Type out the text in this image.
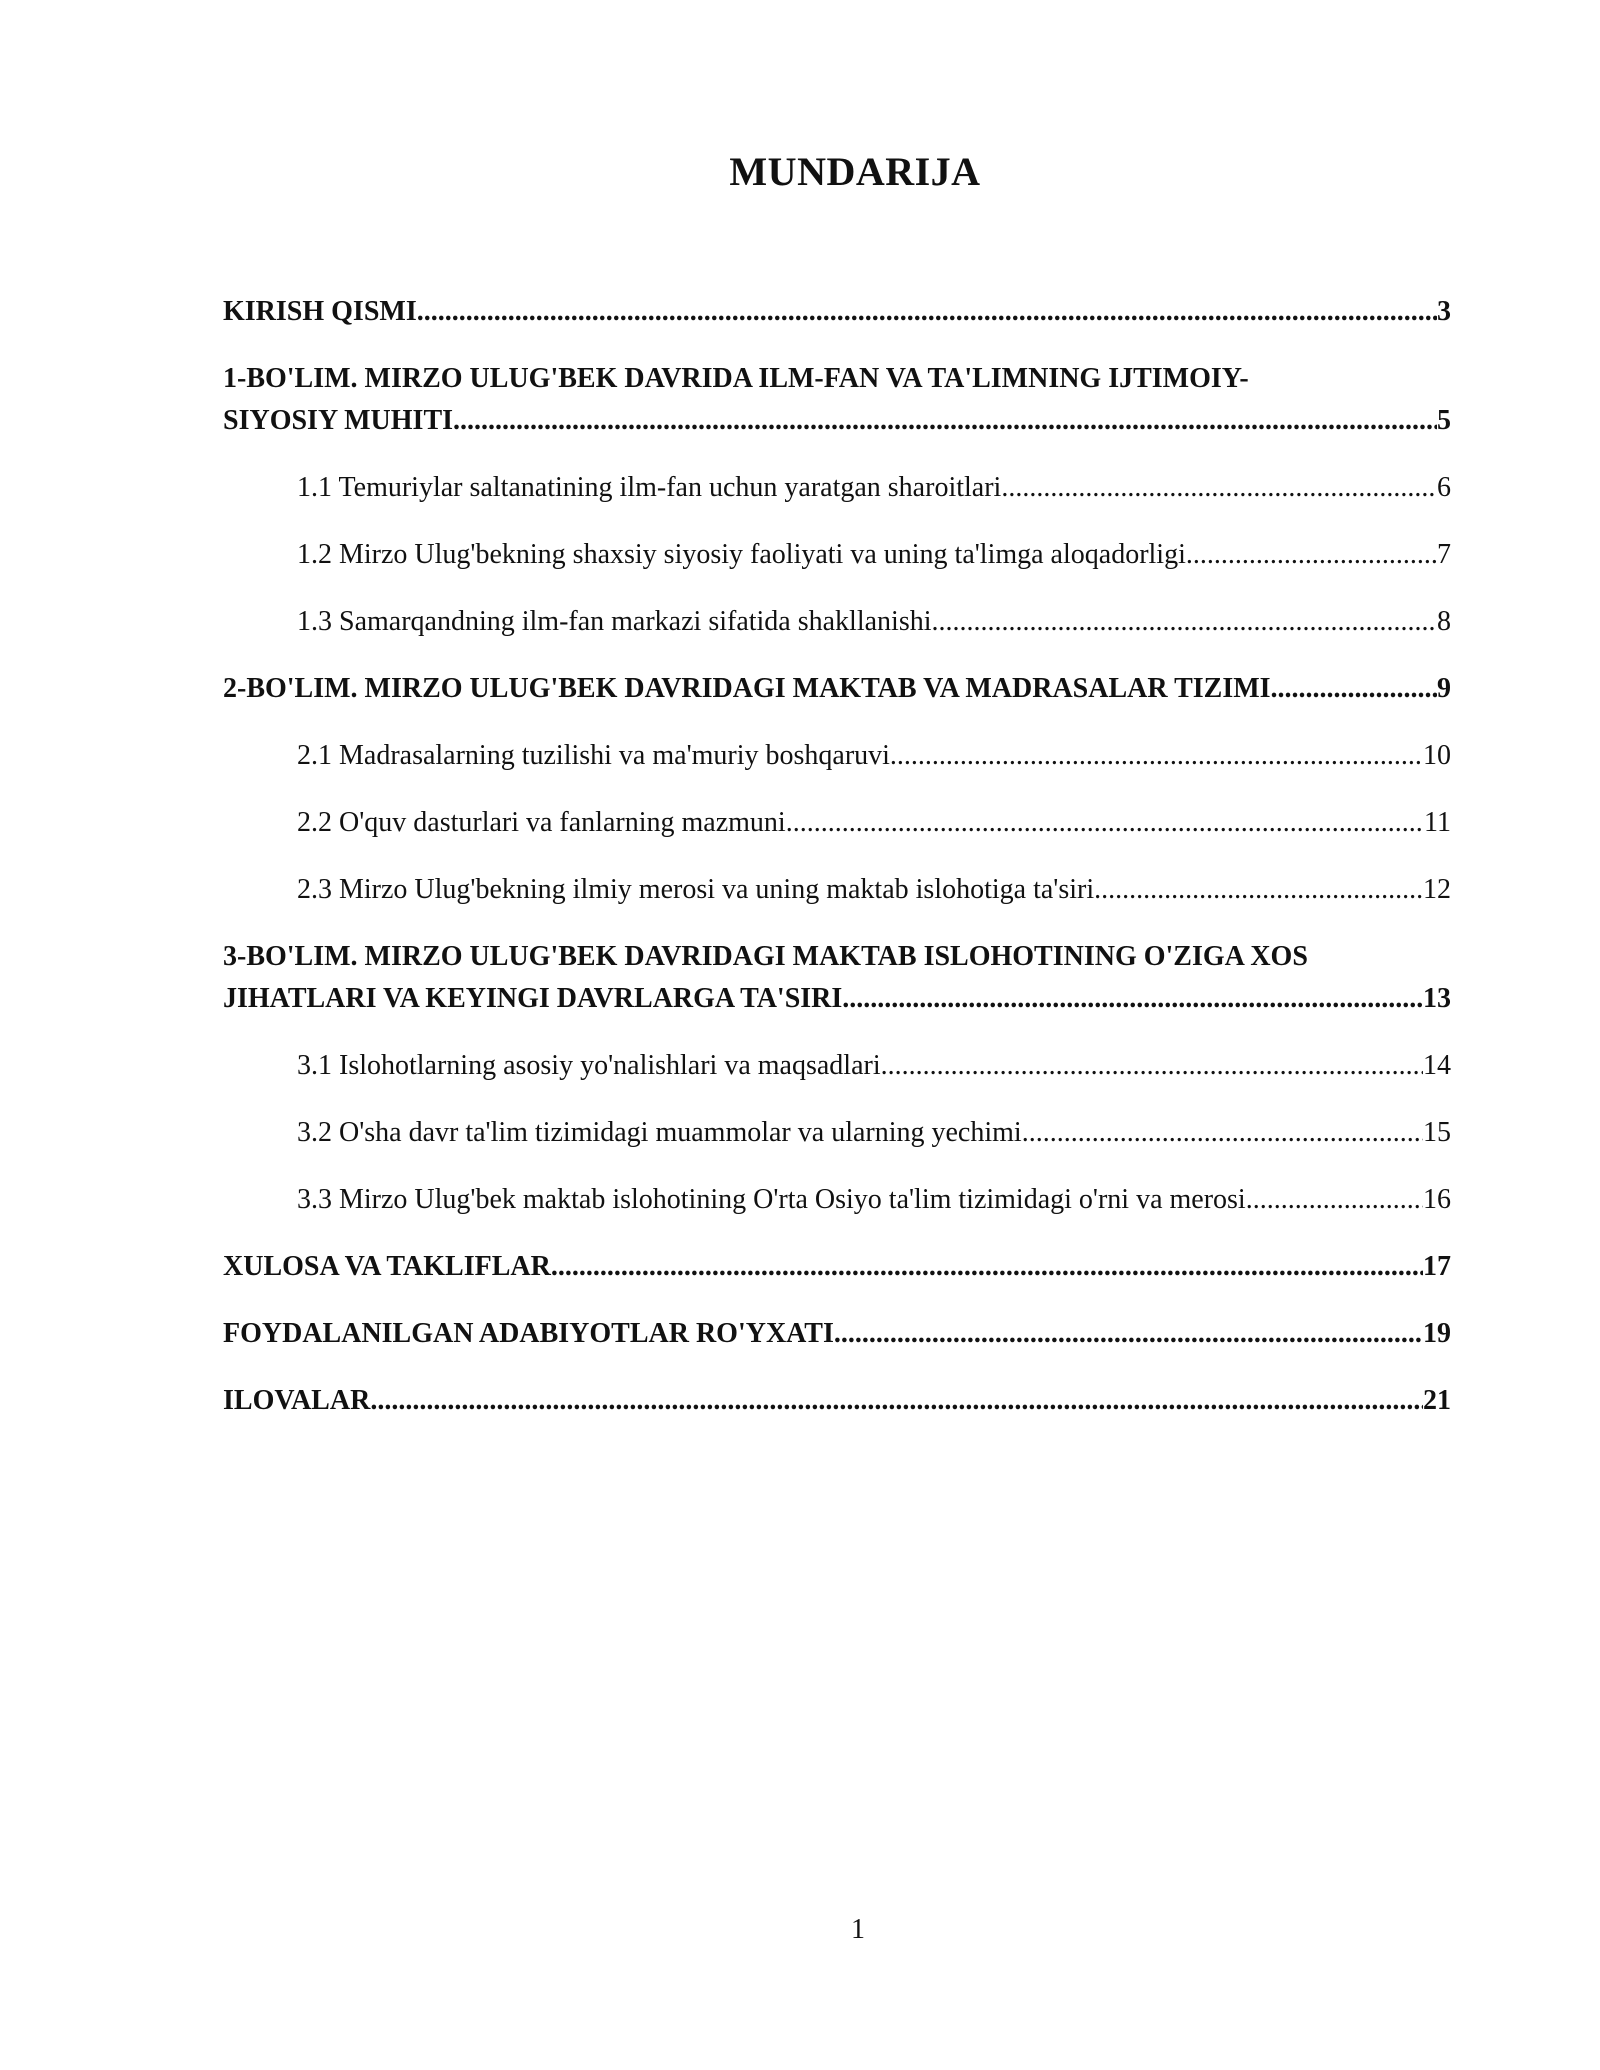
MUNDARIJA
KIRISH QISMI .....	3
1-BO'LIM. MIRZO ULUG'BEK DAVRIDA ILM-FAN VA TA'LIMNING IJTIMOIY-
SIYOSIY MUHITI .....	5
1.1 Temuriylar saltanatining ilm-fan uchun yaratgan sharoitlari .....	6
1.2 Mirzo Ulug'bekning shaxsiy siyosiy faoliyati va uning ta'limga aloqadorligi .....	7
1.3 Samarqandning ilm-fan markazi sifatida shakllanishi .....	8
2-BO'LIM. MIRZO ULUG'BEK DAVRIDAGI MAKTAB VA MADRASALAR TIZIMI. .....	9
2.1 Madrasalarning tuzilishi va ma'muriy boshqaruvi .....	10
2.2 O'quv dasturlari va fanlarning mazmuni .....	11
2.3 Mirzo Ulug'bekning ilmiy merosi va uning maktab islohotiga ta'siri .....	12
3-BO'LIM. MIRZO ULUG'BEK DAVRIDAGI MAKTAB ISLOHOTINING O'ZIGA XOS
JIHATLARI VA KEYINGI DAVRLARGA TA'SIRI .....	13
3.1 Islohotlarning asosiy yo'nalishlari va maqsadlari .....	14
3.2 O'sha davr ta'lim tizimidagi muammolar va ularning yechimi .....	15
3.3 Mirzo Ulug'bek maktab islohotining O'rta Osiyo ta'lim tizimidagi o'rni va merosi .....	16
XULOSA VA TAKLIFLAR .....	17
FOYDALANILGAN ADABIYOTLAR RO'YXATI .....	19
ILOVALAR .....	21
1
